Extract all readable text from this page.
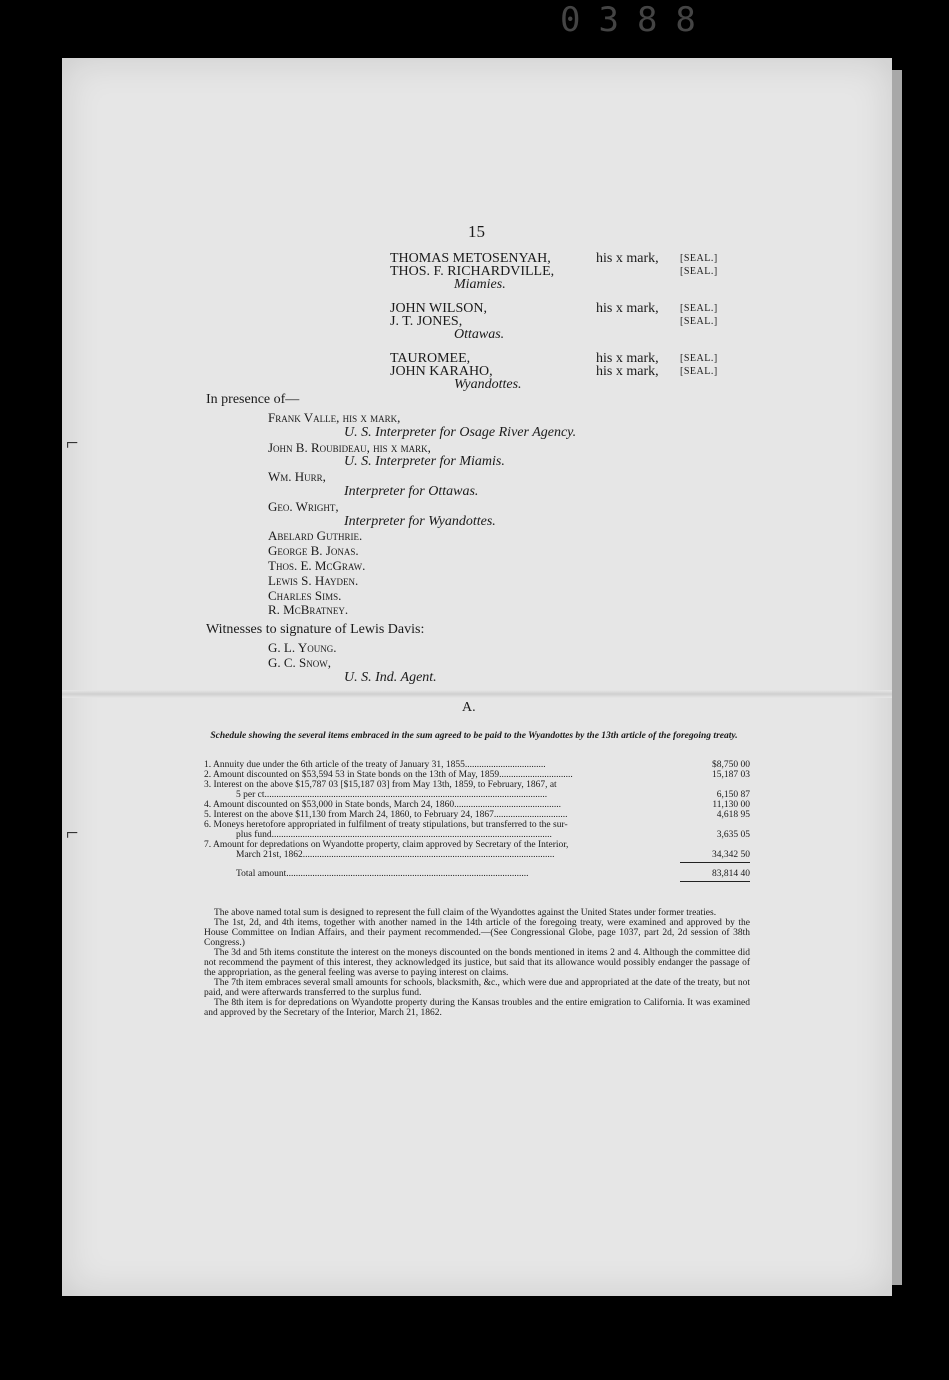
0388
⌐
⌐
15
THOMAS METOSENYAH,	his x mark, [SEAL.]
THOS. F. RICHARDVILLE,	[SEAL.]
Miamies.
JOHN WILSON,	his x mark, [SEAL.]
J. T. JONES,	[SEAL.]
Ottawas.
TAUROMEE,	his x mark, [SEAL.]
JOHN KARAHO,	his x mark, [SEAL.]
Wyandottes.
In presence of—
Frank Valle, his x mark,
U. S. Interpreter for Osage River Agency.
John B. Roubideau, his x mark,
U. S. Interpreter for Miamis.
Wm. Hurr,
Interpreter for Ottawas.
Geo. Wright,
Interpreter for Wyandottes.
Abelard Guthrie.
George B. Jonas.
Thos. E. McGraw.
Lewis S. Hayden.
Charles Sims.
R. McBratney.
Witnesses to signature of Lewis Davis:
G. L. Young.
G. C. Snow,
U. S. Ind. Agent.
A.
Schedule showing the several items embraced in the sum agreed to be paid to the Wyandottes by the 13th article of the foregoing treaty.
1. Annuity due under the 6th article of the treaty of January 31, 1855..................................	$8,750 00
2. Amount discounted on $53,594 53 in State bonds on the 13th of May, 1859...............................	15,187 03
3. Interest on the above $15,787 03 [$15,187 03] from May 13th, 1859, to February, 1867, at
5 per ct.......................................................................................................................	6,150 87
4. Amount discounted on $53,000 in State bonds, March 24, 1860.............................................	11,130 00
5. Interest on the above $11,130 from March 24, 1860, to February 24, 1867...............................	4,618 95
6. Moneys heretofore appropriated in fulfilment of treaty stipulations, but transferred to the sur-
plus fund......................................................................................................................	3,635 05
7. Amount for depredations on Wyandotte property, claim approved by Secretary of the Interior,
March 21st, 1862..........................................................................................................	34,342 50
Total amount......................................................................................................	83,814 40

The above named total sum is designed to represent the full claim of the Wyandottes against the United States under former treaties.

The 1st, 2d, and 4th items, together with another named in the 14th article of the foregoing treaty, were examined and approved by the House Committee on Indian Affairs, and their payment recommended.—(See Congressional Globe, page 1037, part 2d, 2d session of 38th Congress.)

The 3d and 5th items constitute the interest on the moneys discounted on the bonds mentioned in items 2 and 4. Although the committee did not recommend the payment of this interest, they acknowledged its justice, but said that its allowance would possibly endanger the passage of the appropriation, as the general feeling was averse to paying interest on claims.

The 7th item embraces several small amounts for schools, blacksmith, &c., which were due and appropriated at the date of the treaty, but not paid, and were afterwards transferred to the surplus fund.

The 8th item is for depredations on Wyandotte property during the Kansas troubles and the entire emigration to California. It was examined and approved by the Secretary of the Interior, March 21, 1862.
